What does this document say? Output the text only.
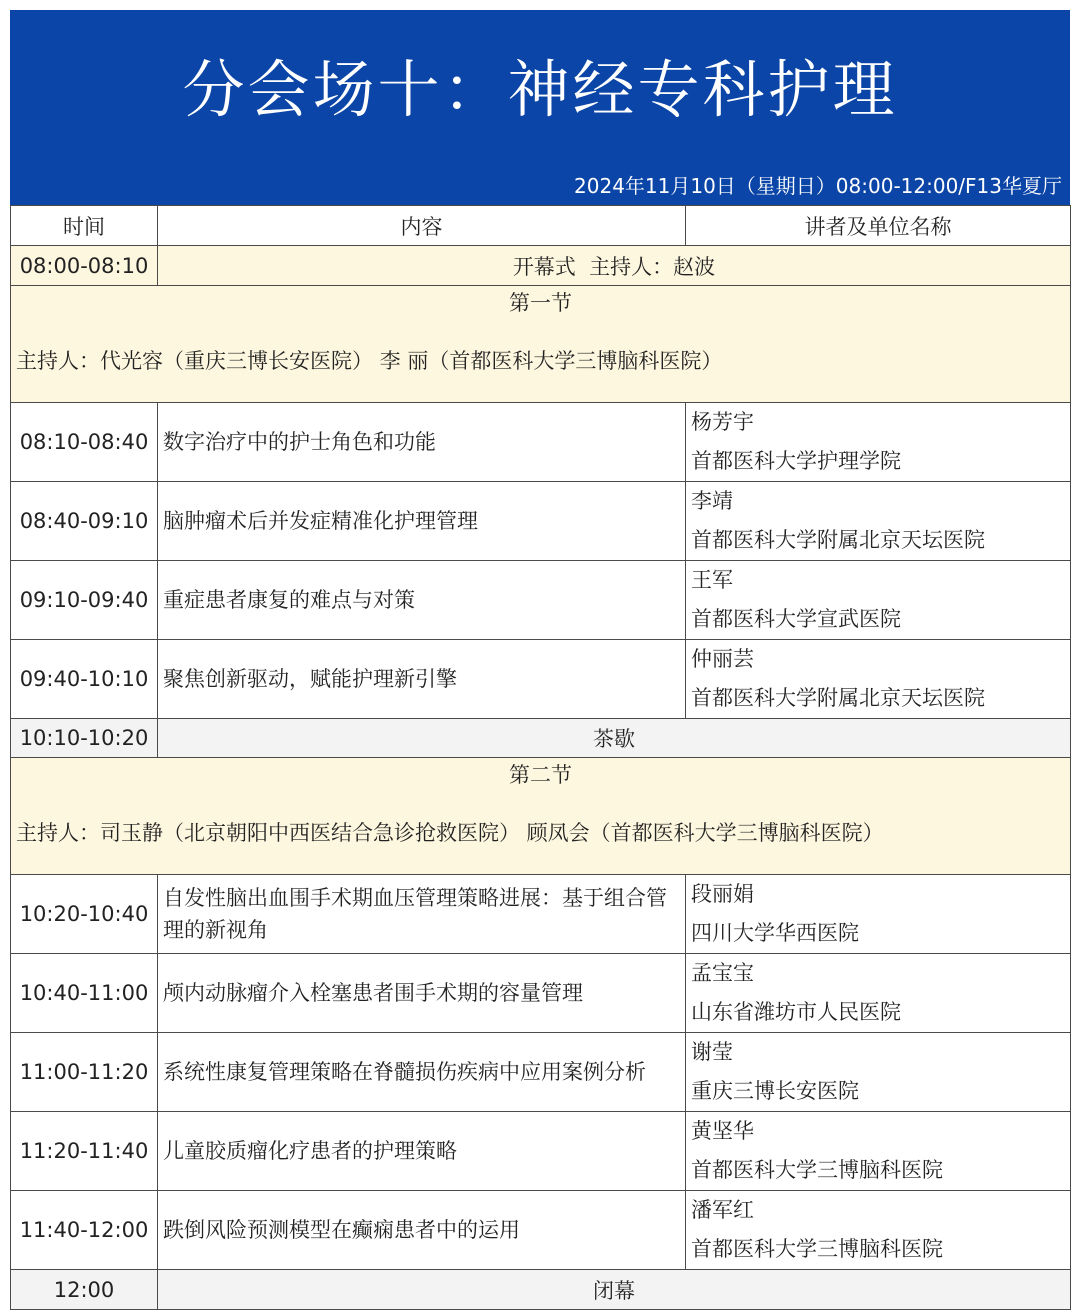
分会场十：神经专科护理
2024年11月10日（星期日）08:00-12:00/F13华夏厅
时间	内容	讲者及单位名称
08:00-08:10	开幕式  主持人：赵波	

第一节
主持人：代光容（重庆三博长安医院） 李 丽（首都医科大学三博脑科医院）		

08:10-08:40	数字治疗中的护士角色和功能	杨芳宇
首都医科大学护理学院

08:40-09:10	脑肿瘤术后并发症精准化护理管理	李靖
首都医科大学附属北京天坛医院

09:10-09:40	重症患者康复的难点与对策	王军
首都医科大学宣武医院

09:40-10:10	聚焦创新驱动，赋能护理新引擎	仲丽芸
首都医科大学附属北京天坛医院

10:10-10:20	茶歇	

第二节
主持人：司玉静（北京朝阳中西医结合急诊抢救医院） 顾凤会（首都医科大学三博脑科医院）		

10:20-10:40	自发性脑出血围手术期血压管理策略进展：基于组合管理的新视角	段丽娟
四川大学华西医院

10:40-11:00	颅内动脉瘤介入栓塞患者围手术期的容量管理	孟宝宝
山东省潍坊市人民医院

11:00-11:20	系统性康复管理策略在脊髓损伤疾病中应用案例分析	谢莹
重庆三博长安医院

11:20-11:40	儿童胶质瘤化疗患者的护理策略	黄坚华
首都医科大学三博脑科医院

11:40-12:00	跌倒风险预测模型在癫痫患者中的运用	潘军红
首都医科大学三博脑科医院

12:00	闭幕	
